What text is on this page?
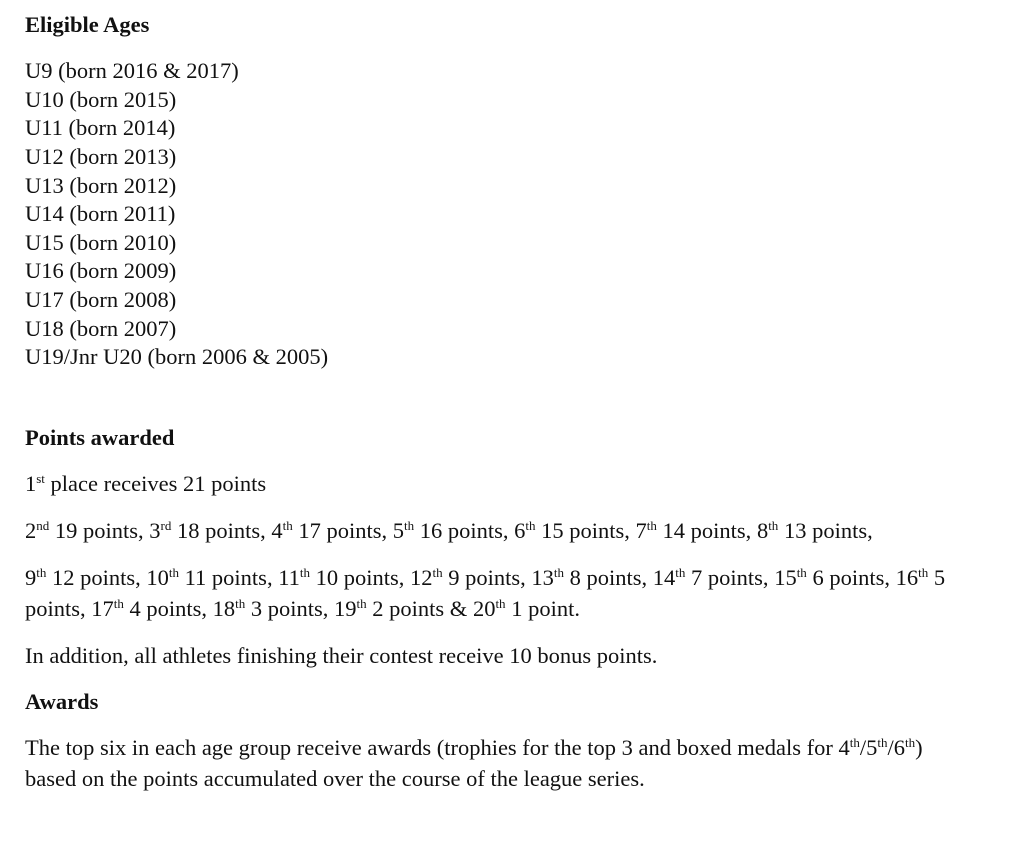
Eligible Ages
U9 (born 2016 & 2017)
U10 (born 2015)
U11 (born 2014)
U12 (born 2013)
U13 (born 2012)
U14 (born 2011)
U15 (born 2010)
U16 (born 2009)
U17 (born 2008)
U18 (born 2007)
U19/Jnr U20 (born 2006 & 2005)
Points awarded

1st place receives 21 points

2nd 19 points, 3rd 18 points, 4th 17 points, 5th 16 points, 6th 15 points, 7th 14 points, 8th 13 points,

9th 12 points, 10th 11 points, 11th 10 points, 12th 9 points, 13th 8 points, 14th 7 points, 15th 6 points, 16th 5 points, 17th 4 points, 18th 3 points, 19th 2 points & 20th 1 point.

In addition, all athletes finishing their contest receive 10 bonus points.

Awards

The top six in each age group receive awards (trophies for the top 3 and boxed medals for 4th/5th/6th) based on the points accumulated over the course of the league series.
